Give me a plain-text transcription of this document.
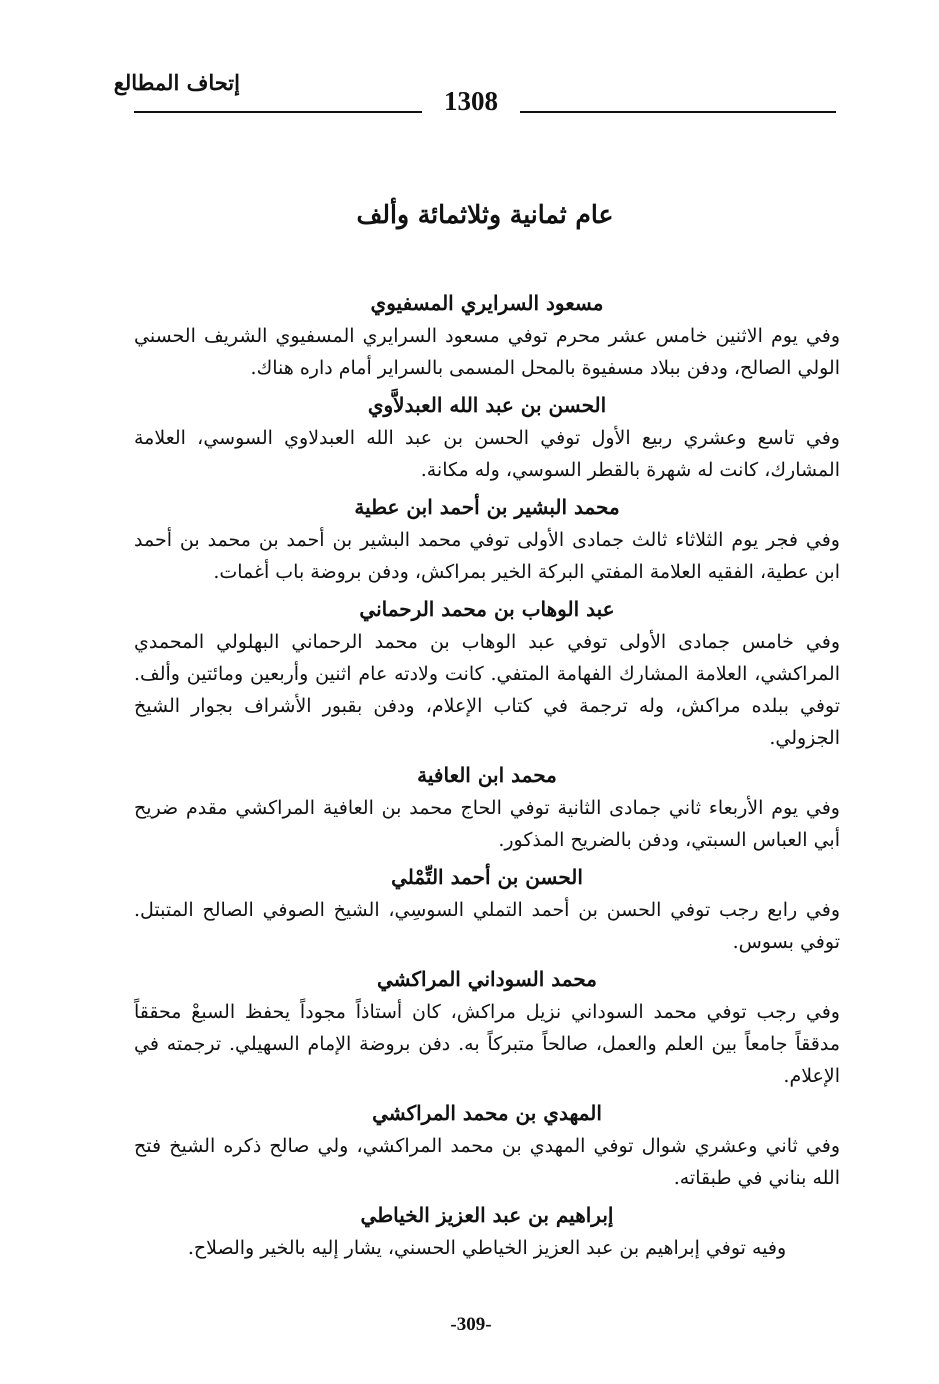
إتحاف المطالع
1308
عام ثمانية وثلاثمائة وألف

مسعود السرايري المسفيوي

وفي يوم الاثنين خامس عشر محرم توفي مسعود السرايري المسفيوي الشريف الحسني الولي الصالح، ودفن ببلاد مسفيوة بالمحل المسمى بالسراير أمام داره هناك.

الحسن بن عبد الله العبدلاَّوي

وفي تاسع وعشري ربيع الأول توفي الحسن بن عبد الله العبدلاوي السوسي، العلامة المشارك، كانت له شهرة بالقطر السوسي، وله مكانة.

محمد البشير بن أحمد ابن عطية

وفي فجر يوم الثلاثاء ثالث جمادى الأولى توفي محمد البشير بن أحمد بن محمد بن أحمد ابن عطية، الفقيه العلامة المفتي البركة الخير بمراكش، ودفن بروضة باب أغمات.

عبد الوهاب بن محمد الرحماني

وفي خامس جمادى الأولى توفي عبد الوهاب بن محمد الرحماني البهلولي المحمدي المراكشي، العلامة المشارك الفهامة المتفي. كانت ولادته عام اثنين وأربعين ومائتين وألف. توفي ببلده مراكش، وله ترجمة في كتاب الإعلام، ودفن بقبور الأشراف بجوار الشيخ الجزولي.

محمد ابن العافية

وفي يوم الأربعاء ثاني جمادى الثانية توفي الحاج محمد بن العافية المراكشي مقدم ضريح أبي العباس السبتي، ودفن بالضريح المذكور.

الحسن بن أحمد التِّمْلي

وفي رابع رجب توفي الحسن بن أحمد التملي السوسِي، الشيخ الصوفي الصالح المتبتل. توفي بسوس.

محمد السوداني المراكشي

وفي رجب توفي محمد السوداني نزيل مراكش، كان أستاذاً مجوداً يحفظ السبعْ محققاً مدققاً جامعاً بين العلم والعمل، صالحاً متبركاً به. دفن بروضة الإمام السهيلي. ترجمته في الإعلام.

المهدي بن محمد المراكشي

وفي ثاني وعشري شوال توفي المهدي بن محمد المراكشي، ولي صالح ذكره الشيخ فتح الله بناني في طبقاته.

إبراهيم بن عبد العزيز الخياطي

وفيه توفي إبراهيم بن عبد العزيز الخياطي الحسني، يشار إليه بالخير والصلاح.

-309-
